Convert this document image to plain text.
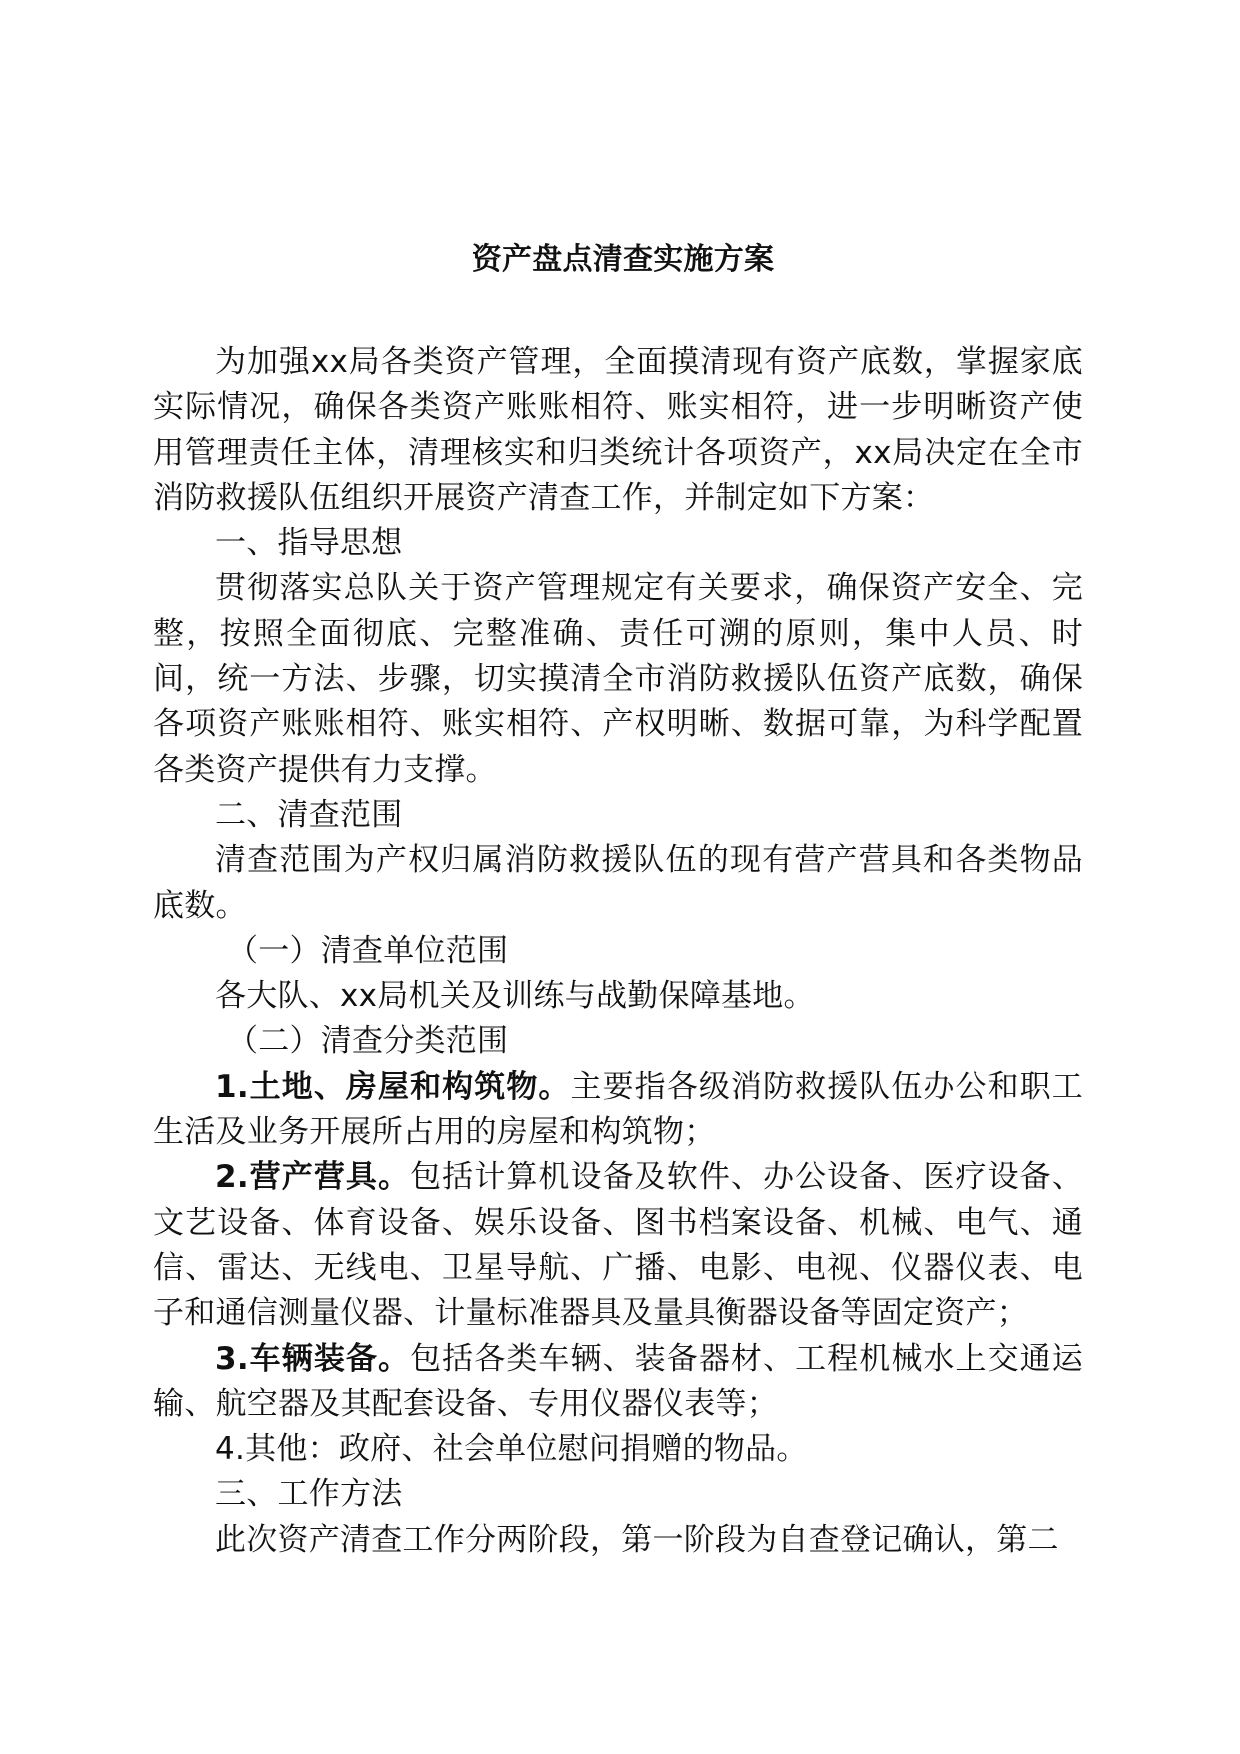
资产盘点清查实施方案

为加强xx局各类资产管理，全面摸清现有资产底数，掌握家底实际情况，确保各类资产账账相符、账实相符，进一步明晰资产使用管理责任主体，清理核实和归类统计各项资产，xx局决定在全市消防救援队伍组织开展资产清查工作，并制定如下方案：

一、指导思想

贯彻落实总队关于资产管理规定有关要求，确保资产安全、完整，按照全面彻底、完整准确、责任可溯的原则，集中人员、时间，统一方法、步骤，切实摸清全市消防救援队伍资产底数，确保各项资产账账相符、账实相符、产权明晰、数据可靠，为科学配置各类资产提供有力支撑。

二、清查范围

清查范围为产权归属消防救援队伍的现有营产营具和各类物品底数。

（一）清查单位范围

各大队、xx局机关及训练与战勤保障基地。

（二）清查分类范围

1.土地、房屋和构筑物。主要指各级消防救援队伍办公和职工生活及业务开展所占用的房屋和构筑物；

2.营产营具。包括计算机设备及软件、办公设备、医疗设备、文艺设备、体育设备、娱乐设备、图书档案设备、机械、电气、通信、雷达、无线电、卫星导航、广播、电影、电视、仪器仪表、电子和通信测量仪器、计量标准器具及量具衡器设备等固定资产；

3.车辆装备。包括各类车辆、装备器材、工程机械水上交通运输、航空器及其配套设备、专用仪器仪表等；

4.其他：政府、社会单位慰问捐赠的物品。

三、工作方法

此次资产清查工作分两阶段，第一阶段为自查登记确认，第二
